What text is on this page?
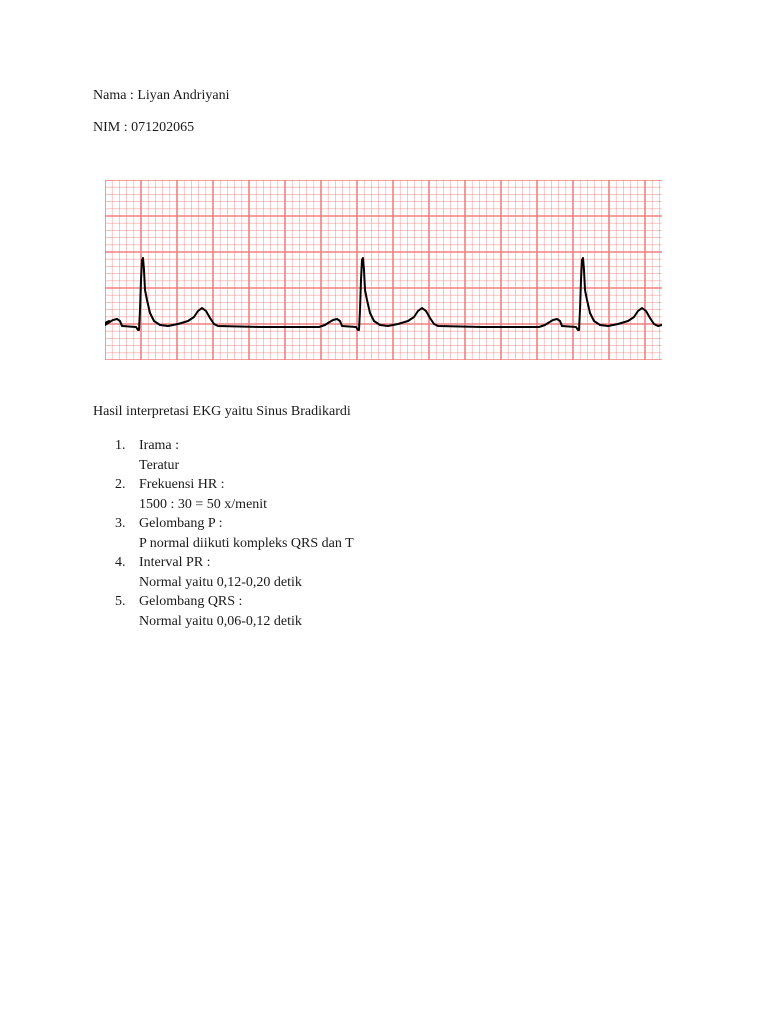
Nama : Liyan Andriyani

NIM : 071202065

Hasil interpretasi EKG yaitu Sinus Bradikardi

1. Irama :
Teratur
2. Frekuensi HR :
1500 : 30 = 50 x/menit
3. Gelombang P :
P normal diikuti kompleks QRS dan T
4. Interval PR :
Normal yaitu 0,12-0,20 detik
5. Gelombang QRS :
Normal yaitu 0,06-0,12 detik
